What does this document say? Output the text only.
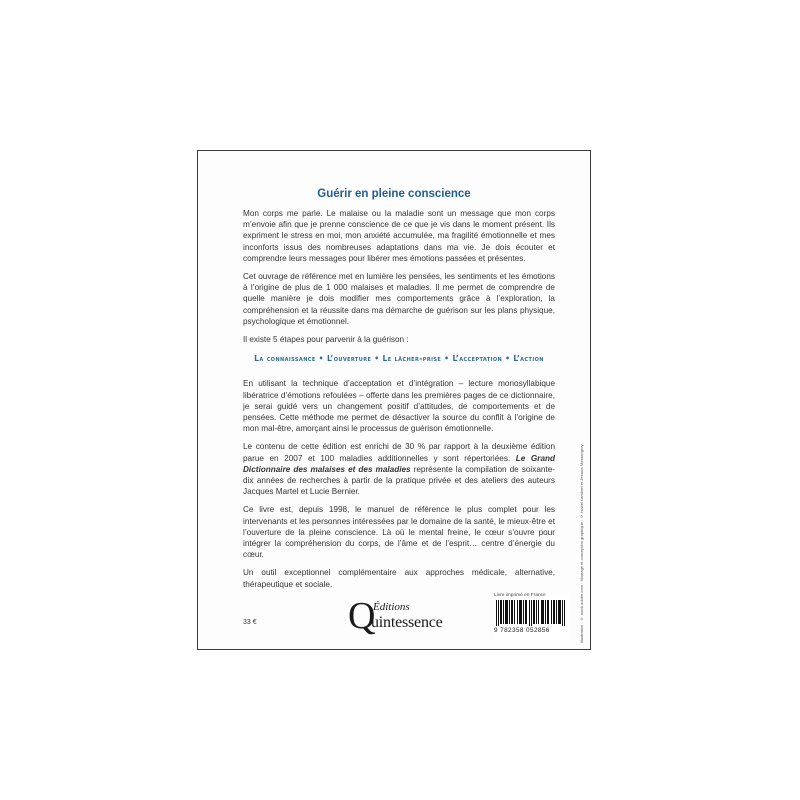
Guérir en pleine conscience

Mon corps me parle. Le malaise ou la maladie sont un message que mon corps m’envoie afin que je prenne conscience de ce que je vis dans le moment présent. Ils expriment le stress en moi, mon anxiété accumulée, ma fragilité émotionnelle et mes inconforts issus des nombreuses adaptations dans ma vie. Je dois écouter et comprendre leurs messages pour libérer mes émotions passées et présentes.

Cet ouvrage de référence met en lumière les pensées, les sentiments et les émotions à l’origine de plus de 1 000 malaises et maladies. Il me permet de comprendre de quelle manière je dois modifier mes comportements grâce à l’exploration, la compréhension et la réussite dans ma démarche de guérison sur les plans physique, psychologique et émotionnel.

Il existe 5 étapes pour parvenir à la guérison :

La connaissance • L’ouverture • Le lâcher-prise • L’acceptation • L’action

En utilisant la technique d’acceptation et d’intégration – lecture monosyllabique libératrice d’émotions refoulées – offerte dans les premières pages de ce dictionnaire, je serai guidé vers un changement positif d’attitudes, de comportements et de pensées. Cette méthode me permet de désactiver la source du conflit à l’origine de mon mal-être, amorçant ainsi le processus de guérison émotionnelle.

Le contenu de cette édition est enrichi de 30 % par rapport à la deuxième édition parue en 2007 et 100 maladies additionnelles y sont répertoriées. Le Grand Dictionnaire des malaises et des maladies représente la compilation de soixante-dix années de recherches à partir de la pratique privée et des ateliers des auteurs Jacques Martel et Lucie Bernier.

Ce livre est, depuis 1998, le manuel de référence le plus complet pour les intervenants et les personnes intéressées par le domaine de la santé, le mieux-être et l’ouverture de la pleine conscience. Là où le mental freine, le cœur s’ouvre pour intégrer la compréhension du corps, de l’âme et de l’esprit… centre d’énergie du cœur.

Un outil exceptionnel complémentaire aux approches médicale, alternative, thérapeutique et sociale.

33 € Q
Éditions
uintessence
Livre imprimé en France
9 782358 052856	Illustration : © stock.adobe.com · Montage et conception graphique : © Isabel Lambert et Jessica Massengroy
